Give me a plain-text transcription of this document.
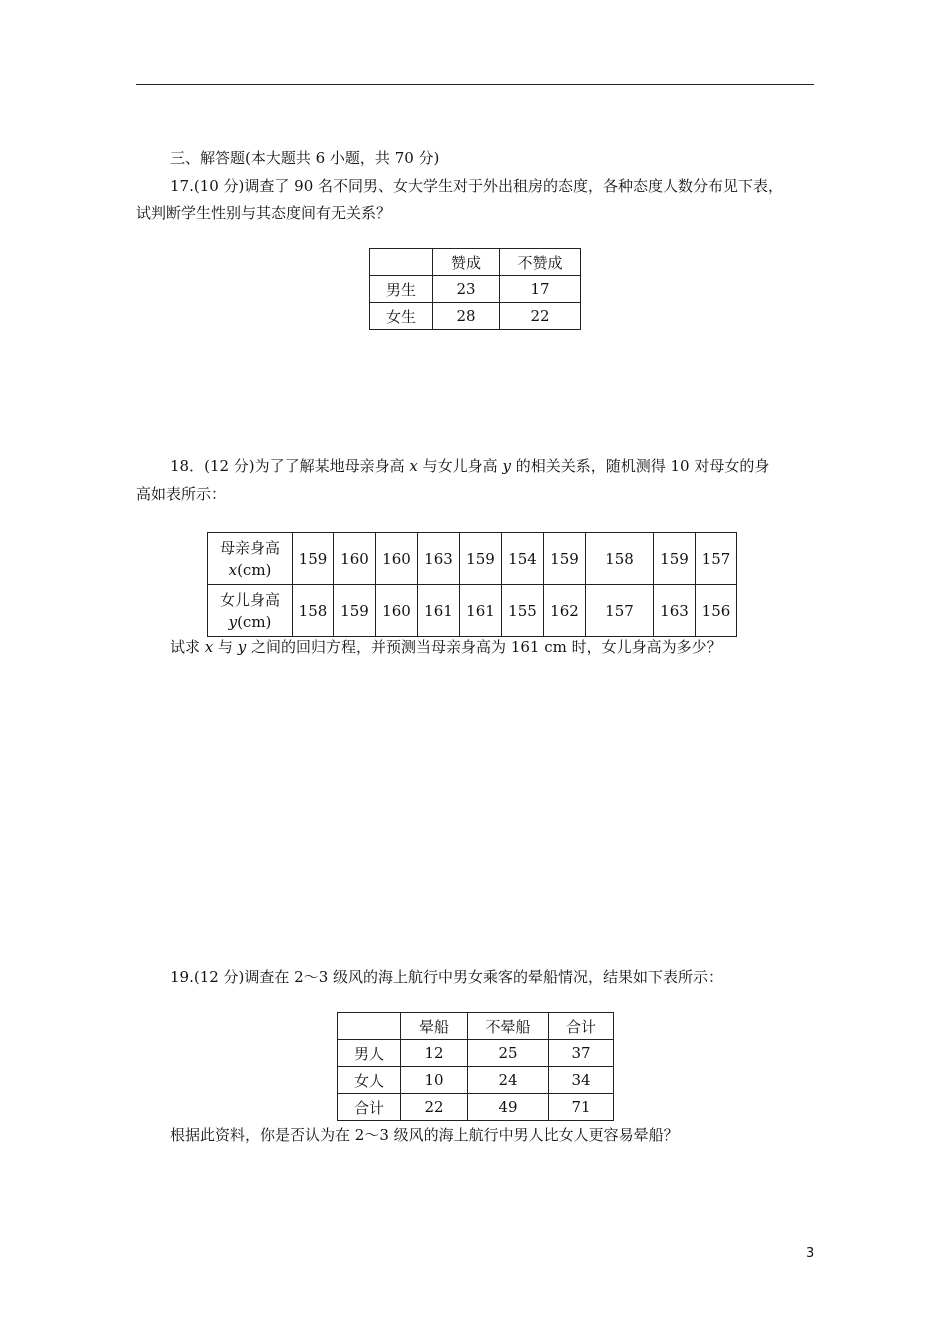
三、解答题(本大题共 6 小题，共 70 分)
17.(10 分)调查了 90 名不同男、女大学生对于外出租房的态度，各种态度人数分布见下表，
试判断学生性别与其态度间有无关系？
	赞成	不赞成
男生	23	17
女生	28	22
18．(12 分)为了了解某地母亲身高 x 与女儿身高 y 的相关关系，随机测得 10 对母女的身
高如表所示：
母亲身高
x(cm)	159	160	160	163	159	154	159	158	159	157

女儿身高
y(cm)	158	159	160	161	161	155	162	157	163	156
试求 x 与 y 之间的回归方程，并预测当母亲身高为 161 cm 时，女儿身高为多少？
19.(12 分)调查在 2～3 级风的海上航行中男女乘客的晕船情况，结果如下表所示：
	晕船	不晕船	合计
男人	12	25	37
女人	10	24	34
合计	22	49	71
根据此资料，你是否认为在 2～3 级风的海上航行中男人比女人更容易晕船？
3
